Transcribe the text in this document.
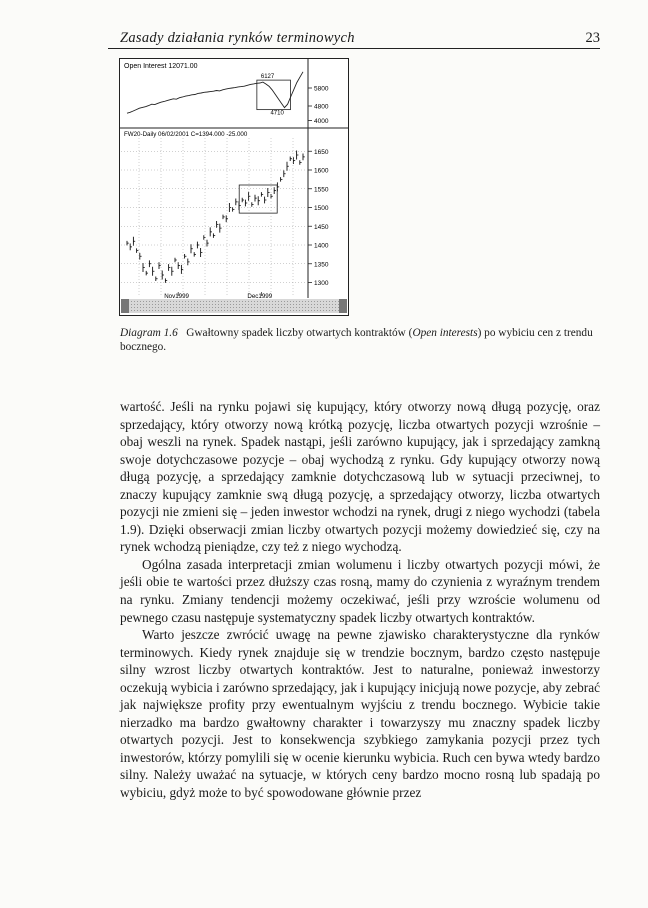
Zasady działania rynków terminowych	23
Open Interest 12071.00
FW20-Daily 06/02/2001 C=1394.000 -25.000
6127
4710
5800
4800
4000
1650
1600
1550
1500
1450
1400
1350
1300
Nov1999	Dec1999
Diagram 1.6 Gwałtowny spadek liczby otwartych kontraktów (Open interests) po wybiciu cen z trendu bocznego.

wartość. Jeśli na rynku pojawi się kupujący, który otworzy nową długą pozycję, oraz sprzedający, który otworzy nową krótką pozycję, liczba otwartych pozycji wzrośnie – obaj weszli na rynek. Spadek nastąpi, jeśli zarówno kupujący, jak i sprzedający zamkną swoje dotychczasowe pozycje – obaj wychodzą z rynku. Gdy kupujący otworzy nową długą pozycję, a sprzedający zamknie dotychczasową lub w sytuacji przeciwnej, to znaczy kupujący zamknie swą długą pozycję, a sprzedający otworzy, liczba otwartych pozycji nie zmieni się – jeden inwestor wchodzi na rynek, drugi z niego wychodzi (tabela 1.9). Dzięki obserwacji zmian liczby otwartych pozycji możemy dowiedzieć się, czy na rynek wchodzą pieniądze, czy też z niego wychodzą.

Ogólna zasada interpretacji zmian wolumenu i liczby otwartych pozycji mówi, że jeśli obie te wartości przez dłuższy czas rosną, mamy do czynienia z wyraźnym trendem na rynku. Zmiany tendencji możemy oczekiwać, jeśli przy wzroście wolumenu od pewnego czasu następuje systematyczny spadek liczby otwartych kontraktów.

Warto jeszcze zwrócić uwagę na pewne zjawisko charakterystyczne dla rynków terminowych. Kiedy rynek znajduje się w trendzie bocznym, bardzo często następuje silny wzrost liczby otwartych kontraktów. Jest to naturalne, ponieważ inwestorzy oczekują wybicia i zarówno sprzedający, jak i kupujący inicjują nowe pozycje, aby zebrać jak największe profity przy ewentualnym wyjściu z trendu bocznego. Wybicie takie nierzadko ma bardzo gwałtowny charakter i towarzyszy mu znaczny spadek liczby otwartych pozycji. Jest to konsekwencja szybkiego zamykania pozycji przez tych inwestorów, którzy pomylili się w ocenie kierunku wybicia. Ruch cen bywa wtedy bardzo silny. Należy uważać na sytuacje, w których ceny bardzo mocno rosną lub spadają po wybiciu, gdyż może to być spowodowane głównie przez
